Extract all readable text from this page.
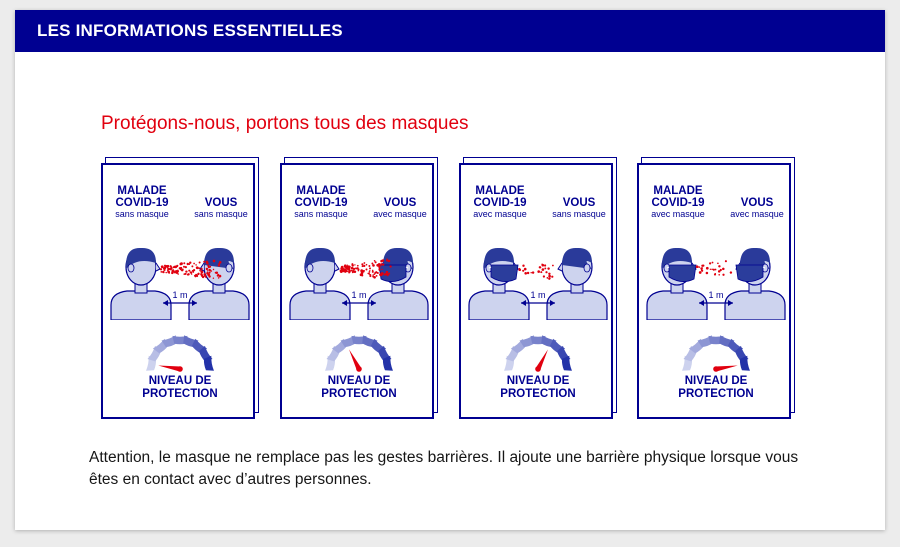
LES INFORMATIONS ESSENTIELLES
Protégons-nous, portons tous des masques
MALADE
COVID-19
sans masque
VOUS
sans masque
1 m
NIVEAU DE
PROTECTION
MALADE
COVID-19
sans masque
VOUS
avec masque
1 m
NIVEAU DE
PROTECTION
MALADE
COVID-19
avec masque
VOUS
sans masque
1 m
NIVEAU DE
PROTECTION
MALADE
COVID-19
avec masque
VOUS
avec masque
1 m
NIVEAU DE
PROTECTION
Attention, le masque ne remplace pas les gestes barrières. Il ajoute une barrière physique lorsque vous êtes en contact avec d’autres personnes.
